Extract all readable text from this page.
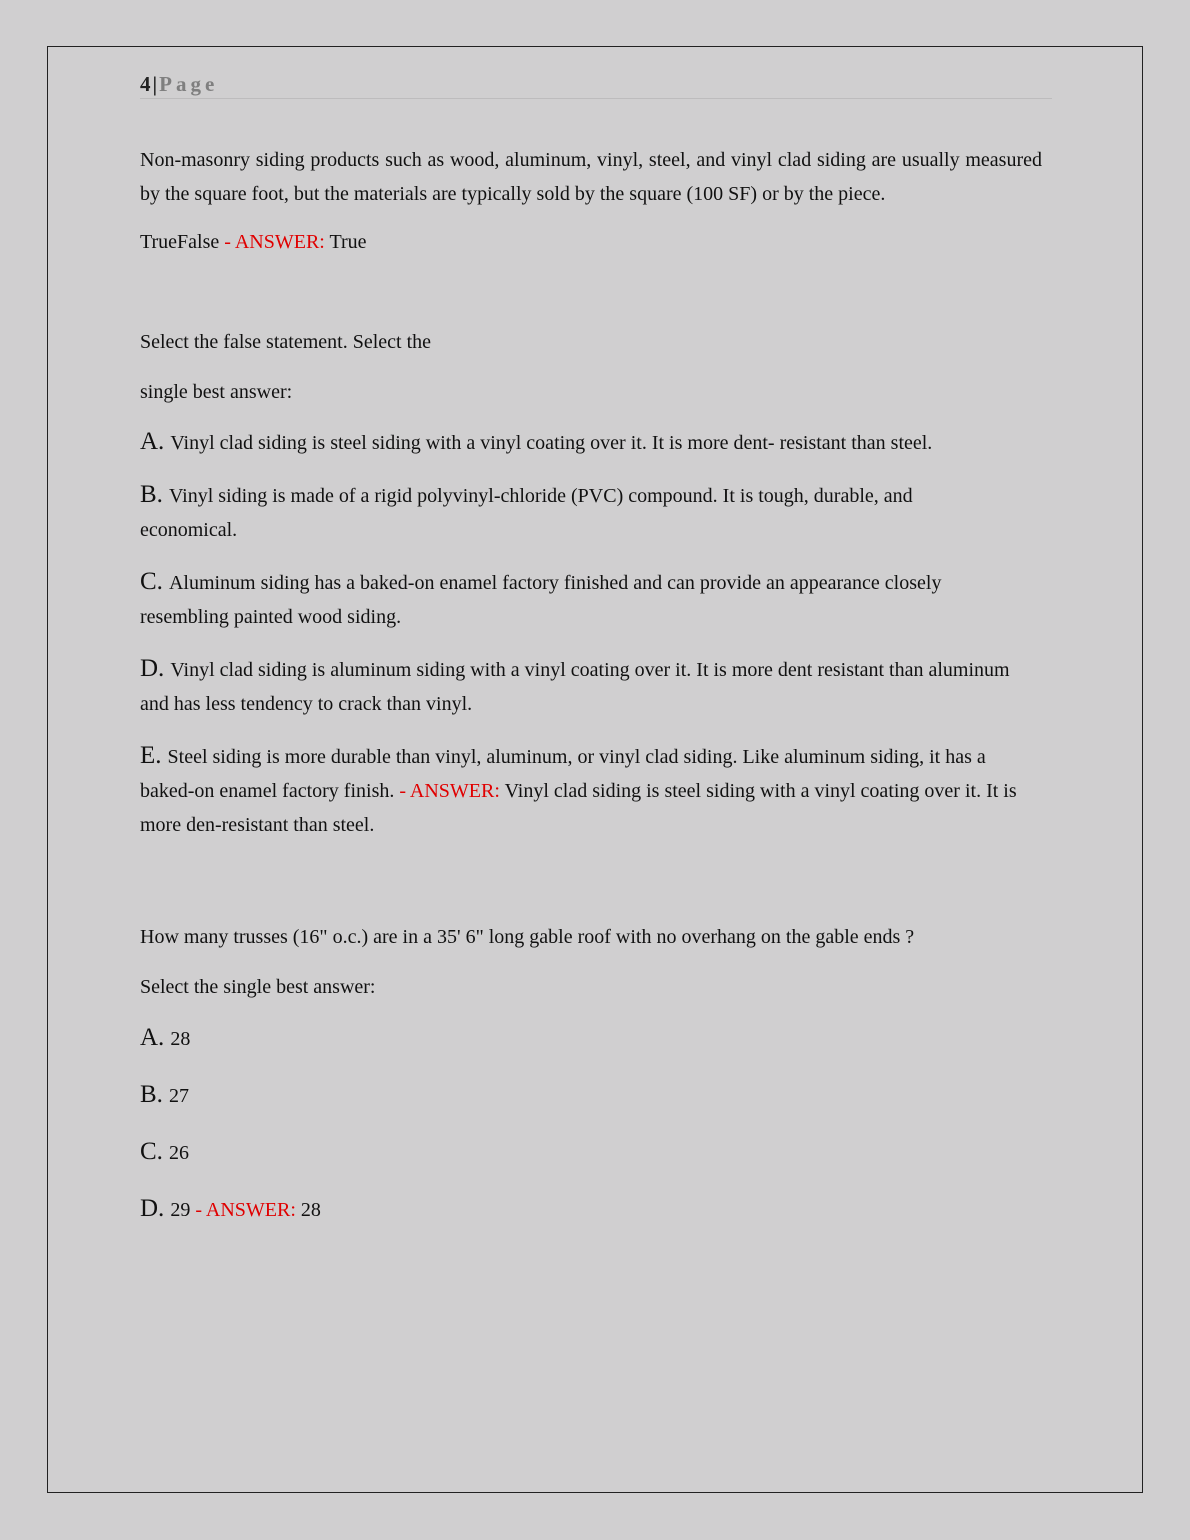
4|Page

Non-masonry siding products such as wood, aluminum, vinyl, steel, and vinyl clad siding are usually measured by the square foot, but the materials are typically sold by the square (100 SF) or by the piece.

TrueFalse - ANSWER: True

Select the false statement. Select the

single best answer:

A. Vinyl clad siding is steel siding with a vinyl coating over it. It is more dent- resistant than steel.

B. Vinyl siding is made of a rigid polyvinyl-chloride (PVC) compound. It is tough, durable, and economical.

C. Aluminum siding has a baked-on enamel factory finished and can provide an appearance closely resembling painted wood siding.

D. Vinyl clad siding is aluminum siding with a vinyl coating over it. It is more dent resistant than aluminum and has less tendency to crack than vinyl.

E. Steel siding is more durable than vinyl, aluminum, or vinyl clad siding. Like aluminum siding, it has a baked-on enamel factory finish. - ANSWER: Vinyl clad siding is steel siding with a vinyl coating over it. It is more den-resistant than steel.

How many trusses (16" o.c.) are in a 35' 6" long gable roof with no overhang on the gable ends ?

Select the single best answer:

A. 28

B. 27

C. 26

D. 29 - ANSWER: 28
